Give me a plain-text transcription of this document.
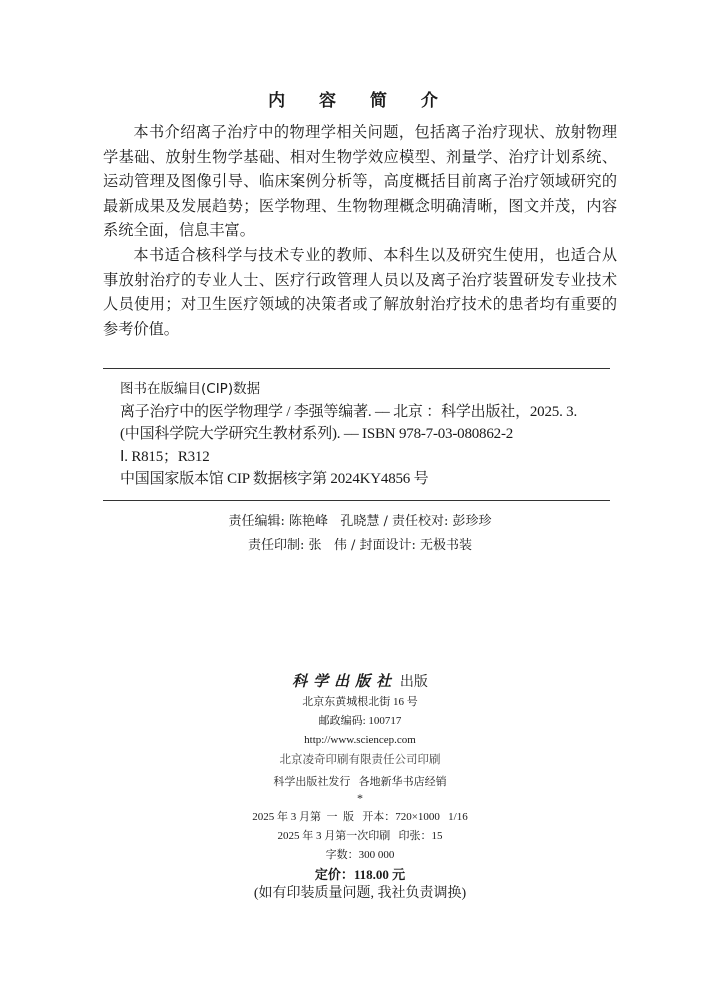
内 容 简 介

本书介绍离子治疗中的物理学相关问题，包括离子治疗现状、放射物理学基础、放射生物学基础、相对生物学效应模型、剂量学、治疗计划系统、运动管理及图像引导、临床案例分析等，高度概括目前离子治疗领域研究的最新成果及发展趋势；医学物理、生物物理概念明确清晰，图文并茂，内容系统全面，信息丰富。

本书适合核科学与技术专业的教师、本科生以及研究生使用，也适合从事放射治疗的专业人士、医疗行政管理人员以及离子治疗装置研发专业技术人员使用；对卫生医疗领域的决策者或了解放射治疗技术的患者均有重要的参考价值。

图书在版编目(CIP)数据
离子治疗中的医学物理学 / 李强等编著. –– 北京 ：科学出版社，2025. 3.
(中国科学院大学研究生教材系列). –– ISBN 978-7-03-080862-2
Ⅰ. R815；R312
中国国家版本馆 CIP 数据核字第 2024KY4856 号
责任编辑: 陈艳峰   孔晓慧 / 责任校对: 彭珍珍
责任印制: 张   伟 / 封面设计: 无极书装
科学出版社 出版
北京东黄城根北街 16 号
邮政编码: 100717
http://www.sciencep.com
北京凌奇印刷有限责任公司印刷
科学出版社发行   各地新华书店经销
*
2025 年 3 月第  一  版   开本：720×1000   1/16
2025 年 3 月第一次印刷   印张：15
字数：300 000
定价：118.00 元
(如有印装质量问题, 我社负责调换)
